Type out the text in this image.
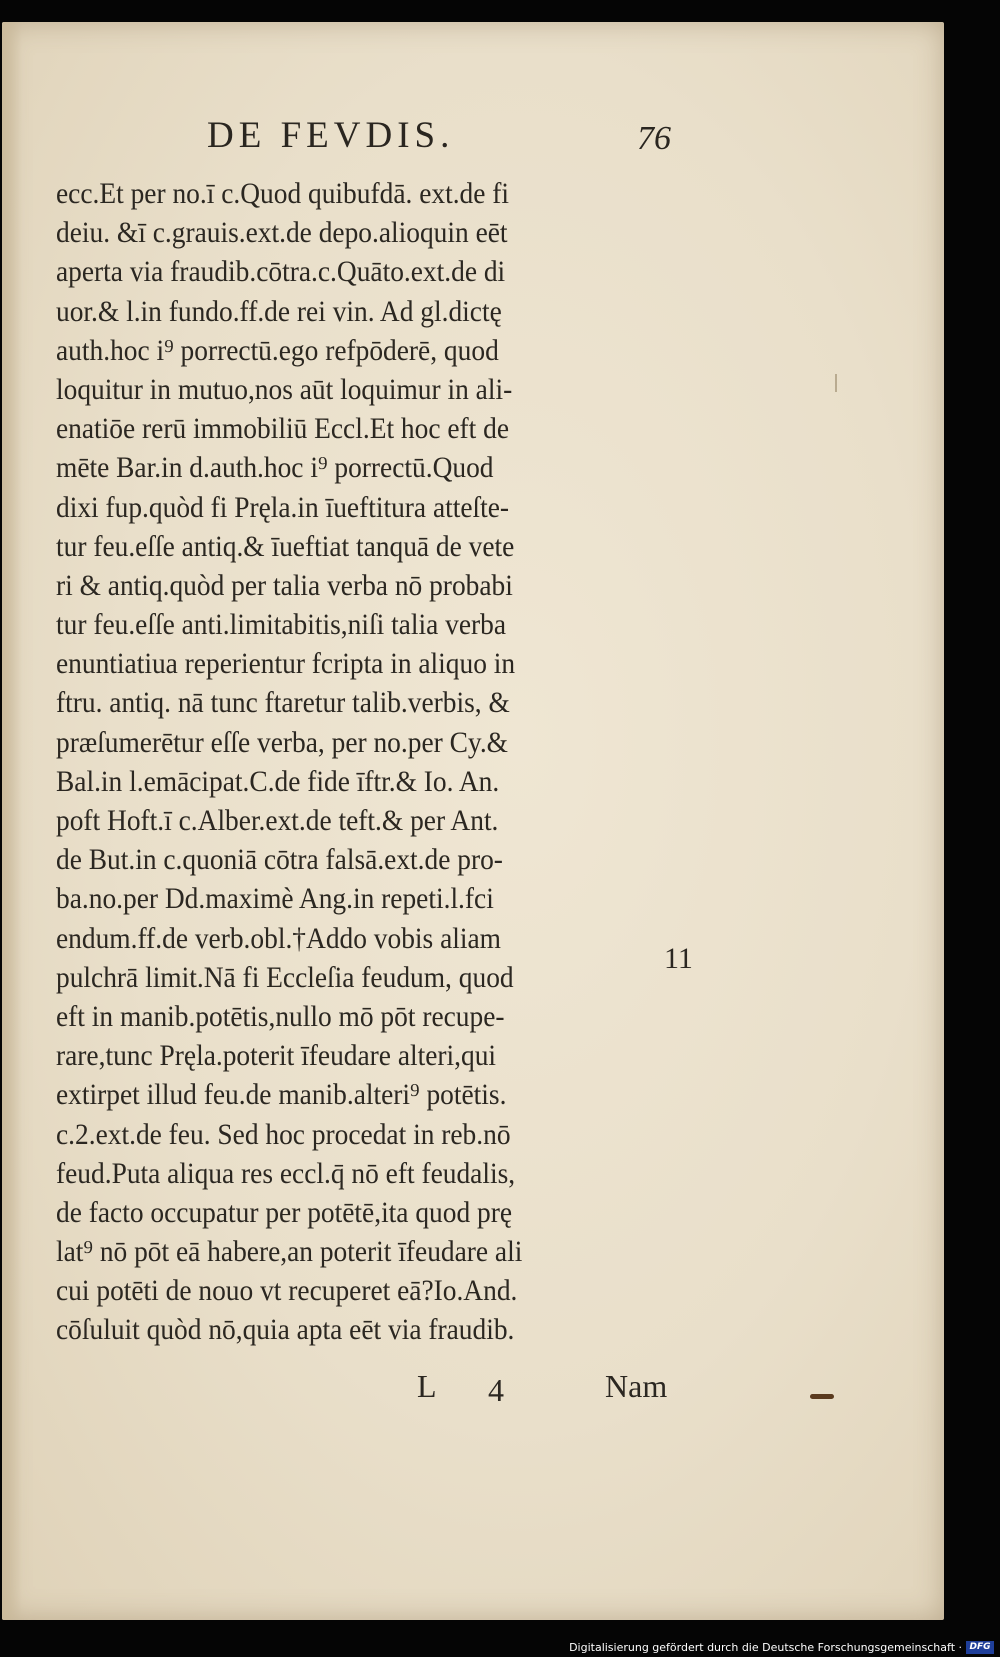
DE FEVDIS.	76
ecc.Et per no.ī c.Quod quibufdā. ext.de fi
deiu. &ī c.grauis.ext.de depo.alioquin eēt
aperta via fraudib.cōtra.c.Quāto.ext.de di
uor.& l.in fundo.ff.de rei vin. Ad gl.dictę
auth.hoc i⁹ porrectū.ego refpōderē, quod
loquitur in mutuo,nos aūt loquimur in ali-
enatiōe rerū immobiliū Eccl.Et hoc eft de
mēte Bar.in d.auth.hoc i⁹ porrectū.Quod
dixi fup.quòd fi Pręla.in īueftitura atteſte-
tur feu.eſſe antiq.& īueftiat tanquā de vete
ri & antiq.quòd per talia verba nō probabi
tur feu.eſſe anti.limitabitis,niſi talia verba
enuntiatiua reperientur fcripta in aliquo in
ftru. antiq. nā tunc ftaretur talib.verbis, &
præſumerētur eſſe verba, per no.per Cy.&
Bal.in l.emācipat.C.de fide īftr.& Io. An.
poft Hoft.ī c.Alber.ext.de teft.& per Ant.
de But.in c.quoniā cōtra falsā.ext.de pro-
ba.no.per Dd.maximè Ang.in repeti.l.fci
endum.ff.de verb.obl.†Addo vobis aliam
pulchrā limit.Nā fi Eccleſia feudum, quod
eft in manib.potētis,nullo mō pōt recupe-
rare,tunc Pręla.poterit īfeudare alteri,qui
extirpet illud feu.de manib.alteri⁹ potētis.
c.2.ext.de feu. Sed hoc procedat in reb.nō
feud.Puta aliqua res eccl.q̄ nō eft feudalis,
de facto occupatur per potētē,ita quod prę
lat⁹ nō pōt eā habere,an poterit īfeudare ali
cui potēti de nouo vt recuperet eā?Io.And.
cōſuluit quòd nō,quia apta eēt via fraudib.
11
L 4	Nam
Digitalisierung gefördert durch die Deutsche Forschungsgemeinschaft · DFG
